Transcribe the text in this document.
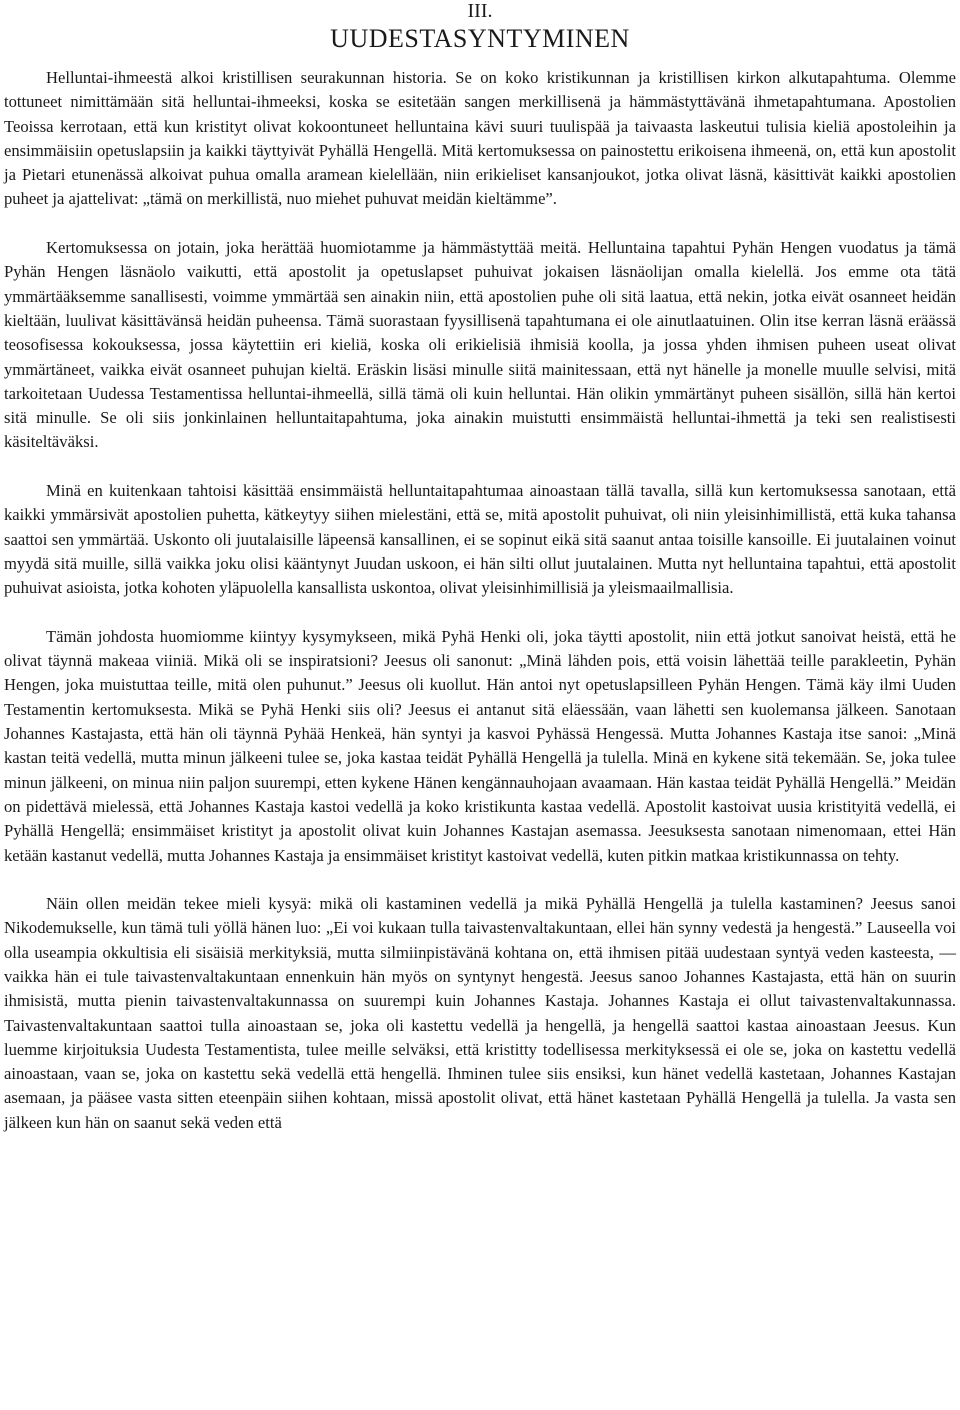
III.
UUDESTASYNTYMINEN

Helluntai-ihmeestä alkoi kristillisen seurakunnan historia. Se on koko kristikunnan ja kristillisen kirkon alkutapahtuma. Olemme tottuneet nimittämään sitä helluntai-ihmeeksi, koska se esitetään sangen merkillisenä ja hämmästyttävänä ihmetapahtumana. Apostolien Teoissa kerrotaan, että kun kristityt olivat kokoontuneet helluntaina kävi suuri tuulispää ja taivaasta laskeutui tulisia kieliä apostoleihin ja ensimmäisiin opetuslapsiin ja kaikki täyttyivät Pyhällä Hengellä. Mitä kertomuksessa on painostettu erikoisena ihmeenä, on, että kun apostolit ja Pietari etunenässä alkoivat puhua omalla aramean kielellään, niin erikieliset kansanjoukot, jotka olivat läsnä, käsittivät kaikki apostolien puheet ja ajattelivat: „tämä on merkillistä, nuo miehet puhuvat meidän kieltämme”.

Kertomuksessa on jotain, joka herättää huomiotamme ja hämmästyttää meitä. Helluntaina tapahtui Pyhän Hengen vuodatus ja tämä Pyhän Hengen läsnäolo vaikutti, että apostolit ja opetuslapset puhuivat jokaisen läsnäolijan omalla kielellä. Jos emme ota tätä ymmärtääksemme sanallisesti, voimme ymmärtää sen ainakin niin, että apostolien puhe oli sitä laatua, että nekin, jotka eivät osanneet heidän kieltään, luulivat käsittävänsä heidän puheensa. Tämä suorastaan fyysillisenä tapahtumana ei ole ainutlaatuinen. Olin itse kerran läsnä eräässä teosofisessa kokouksessa, jossa käytettiin eri kieliä, koska oli erikielisiä ihmisiä koolla, ja jossa yhden ihmisen puheen useat olivat ymmärtäneet, vaikka eivät osanneet puhujan kieltä. Eräskin lisäsi minulle siitä mainitessaan, että nyt hänelle ja monelle muulle selvisi, mitä tarkoitetaan Uudessa Testamentissa helluntai-ihmeellä, sillä tämä oli kuin helluntai. Hän olikin ymmärtänyt puheen sisällön, sillä hän kertoi sitä minulle. Se oli siis jonkinlainen helluntaitapahtuma, joka ainakin muistutti ensimmäistä helluntai-ihmettä ja teki sen realistisesti käsiteltäväksi.

Minä en kuitenkaan tahtoisi käsittää ensimmäistä helluntaitapahtumaa ainoastaan tällä tavalla, sillä kun kertomuksessa sanotaan, että kaikki ymmärsivät apostolien puhetta, kätkeytyy siihen mielestäni, että se, mitä apostolit puhuivat, oli niin yleisinhimillistä, että kuka tahansa saattoi sen ymmärtää. Uskonto oli juutalaisille läpeensä kansallinen, ei se sopinut eikä sitä saanut antaa toisille kansoille. Ei juutalainen voinut myydä sitä muille, sillä vaikka joku olisi kääntynyt Juudan uskoon, ei hän silti ollut juutalainen. Mutta nyt helluntaina tapahtui, että apostolit puhuivat asioista, jotka kohoten yläpuolella kansallista uskontoa, olivat yleisinhimillisiä ja yleismaailmallisia.

Tämän johdosta huomiomme kiintyy kysymykseen, mikä Pyhä Henki oli, joka täytti apostolit, niin että jotkut sanoivat heistä, että he olivat täynnä makeaa viiniä. Mikä oli se inspiratsioni? Jeesus oli sanonut: „Minä lähden pois, että voisin lähettää teille parakleetin, Pyhän Hengen, joka muistuttaa teille, mitä olen puhunut.” Jeesus oli kuollut. Hän antoi nyt opetuslapsilleen Pyhän Hengen. Tämä käy ilmi Uuden Testamentin kertomuksesta. Mikä se Pyhä Henki siis oli? Jeesus ei antanut sitä eläessään, vaan lähetti sen kuolemansa jälkeen. Sanotaan Johannes Kastajasta, että hän oli täynnä Pyhää Henkeä, hän syntyi ja kasvoi Pyhässä Hengessä. Mutta Johannes Kastaja itse sanoi: „Minä kastan teitä vedellä, mutta minun jälkeeni tulee se, joka kastaa teidät Pyhällä Hengellä ja tulella. Minä en kykene sitä tekemään. Se, joka tulee minun jälkeeni, on minua niin paljon suurempi, etten kykene Hänen kengännauhojaan avaamaan. Hän kastaa teidät Pyhällä Hengellä.” Meidän on pidettävä mielessä, että Johannes Kastaja kastoi vedellä ja koko kristikunta kastaa vedellä. Apostolit kastoivat uusia kristityitä vedellä, ei Pyhällä Hengellä; ensimmäiset kristityt ja apostolit olivat kuin Johannes Kastajan asemassa. Jeesuksesta sanotaan nimenomaan, ettei Hän ketään kastanut vedellä, mutta Johannes Kastaja ja ensimmäiset kristityt kastoivat vedellä, kuten pitkin matkaa kristikunnassa on tehty.

Näin ollen meidän tekee mieli kysyä: mikä oli kastaminen vedellä ja mikä Pyhällä Hengellä ja tulella kastaminen? Jeesus sanoi Nikodemukselle, kun tämä tuli yöllä hänen luo: „Ei voi kukaan tulla taivastenvaltakuntaan, ellei hän synny vedestä ja hengestä.” Lauseella voi olla useampia okkultisia eli sisäisiä merkityksiä, mutta silmiinpistävänä kohtana on, että ihmisen pitää uudestaan syntyä veden kasteesta, — vaikka hän ei tule taivastenvaltakuntaan ennenkuin hän myös on syntynyt hengestä. Jeesus sanoo Johannes Kastajasta, että hän on suurin ihmisistä, mutta pienin taivastenvaltakunnassa on suurempi kuin Johannes Kastaja. Johannes Kastaja ei ollut taivastenvaltakunnassa. Taivastenvaltakuntaan saattoi tulla ainoastaan se, joka oli kastettu vedellä ja hengellä, ja hengellä saattoi kastaa ainoastaan Jeesus. Kun luemme kirjoituksia Uudesta Testamentista, tulee meille selväksi, että kristitty todellisessa merkityksessä ei ole se, joka on kastettu vedellä ainoastaan, vaan se, joka on kastettu sekä vedellä että hengellä. Ihminen tulee siis ensiksi, kun hänet vedellä kastetaan, Johannes Kastajan asemaan, ja pääsee vasta sitten eteenpäin siihen kohtaan, missä apostolit olivat, että hänet kastetaan Pyhällä Hengellä ja tulella. Ja vasta sen jälkeen kun hän on saanut sekä veden että
